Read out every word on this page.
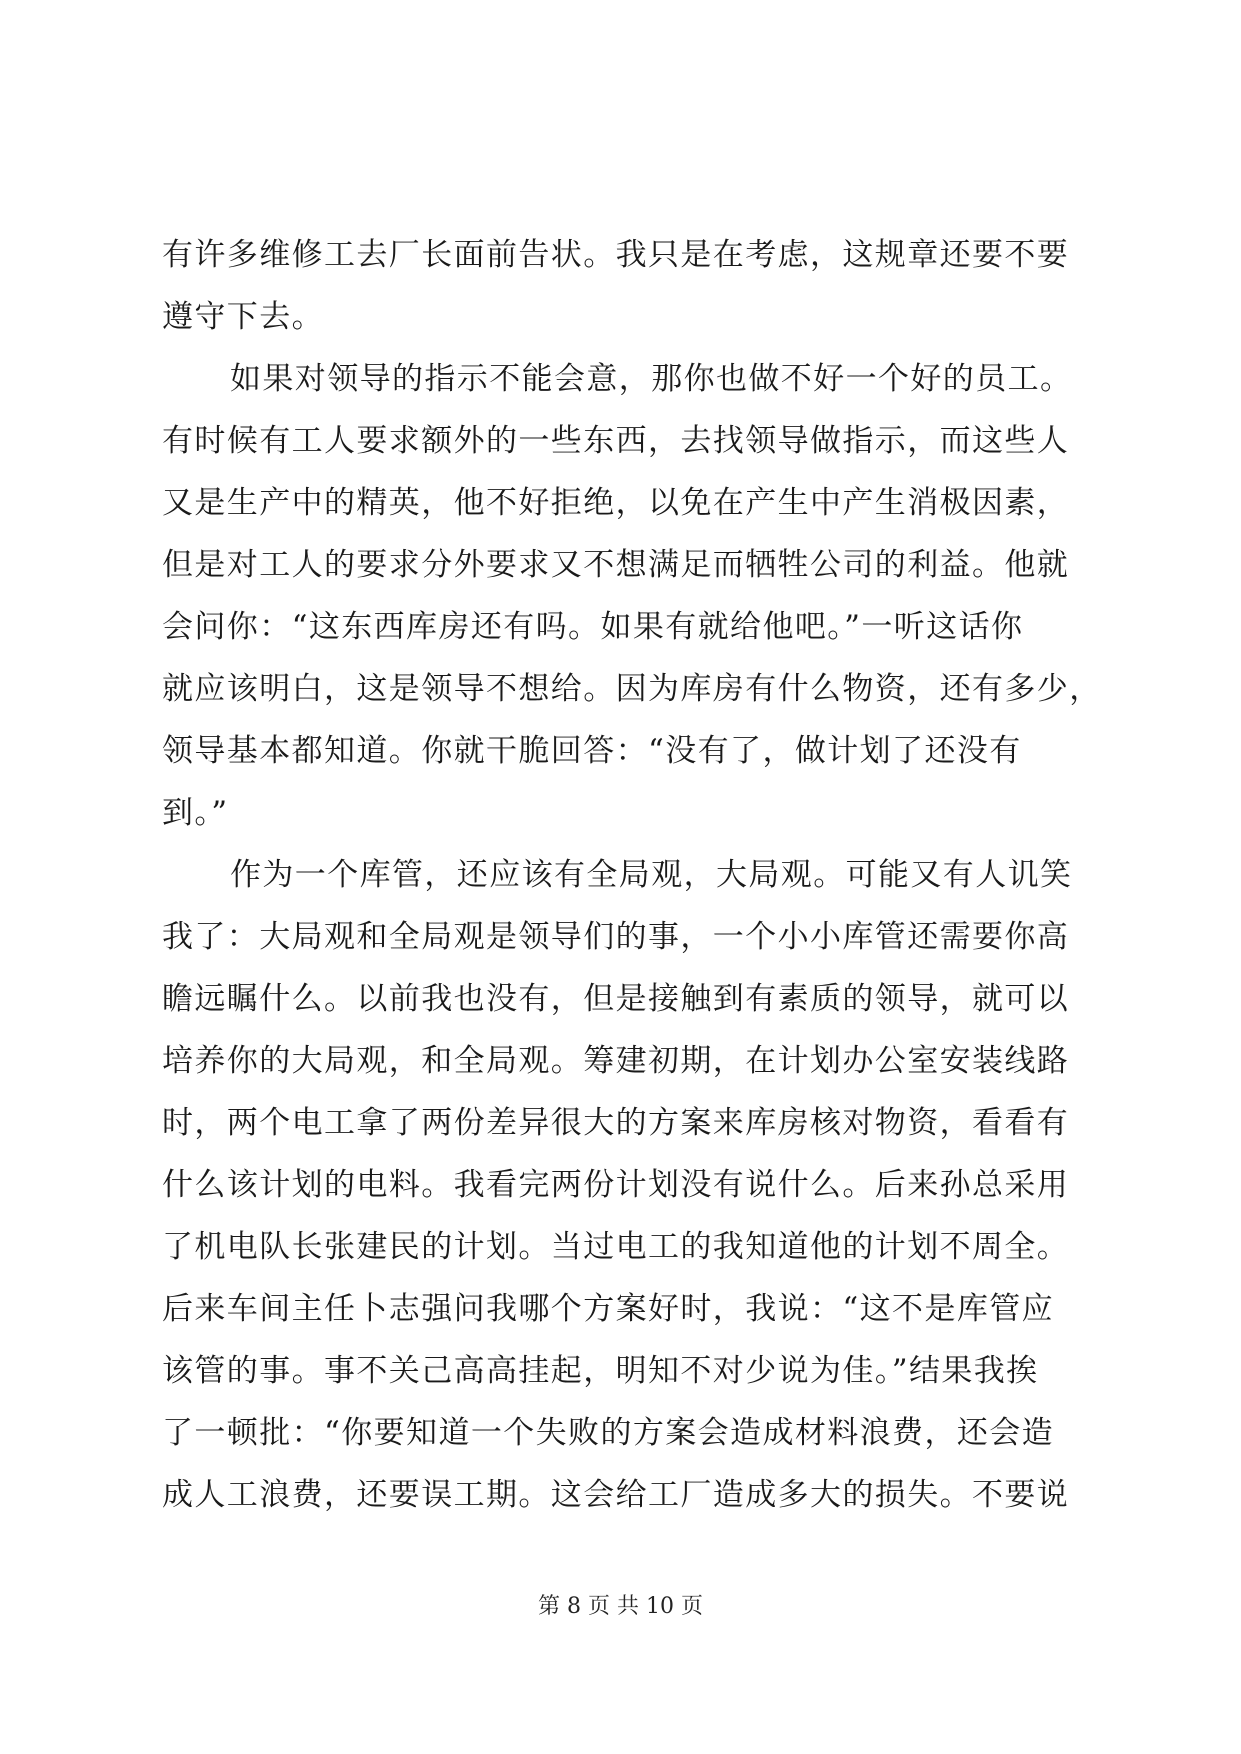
有许多维修工去厂长面前告状。我只是在考虑，这规章还要不要
遵守下去。
如果对领导的指示不能会意，那你也做不好一个好的员工。
有时候有工人要求额外的一些东西，去找领导做指示，而这些人
又是生产中的精英，他不好拒绝，以免在产生中产生消极因素，
但是对工人的要求分外要求又不想满足而牺牲公司的利益。他就
会问你：“这东西库房还有吗。如果有就给他吧。”一听这话你
就应该明白，这是领导不想给。因为库房有什么物资，还有多少，
领导基本都知道。你就干脆回答：“没有了，做计划了还没有
到。”
作为一个库管，还应该有全局观，大局观。可能又有人讥笑
我了：大局观和全局观是领导们的事，一个小小库管还需要你高
瞻远瞩什么。以前我也没有，但是接触到有素质的领导，就可以
培养你的大局观，和全局观。筹建初期，在计划办公室安装线路
时，两个电工拿了两份差异很大的方案来库房核对物资，看看有
什么该计划的电料。我看完两份计划没有说什么。后来孙总采用
了机电队长张建民的计划。当过电工的我知道他的计划不周全。
后来车间主任卜志强问我哪个方案好时，我说：“这不是库管应
该管的事。事不关己高高挂起，明知不对少说为佳。”结果我挨
了一顿批：“你要知道一个失败的方案会造成材料浪费，还会造
成人工浪费，还要误工期。这会给工厂造成多大的损失。不要说
第 8 页 共 10 页
